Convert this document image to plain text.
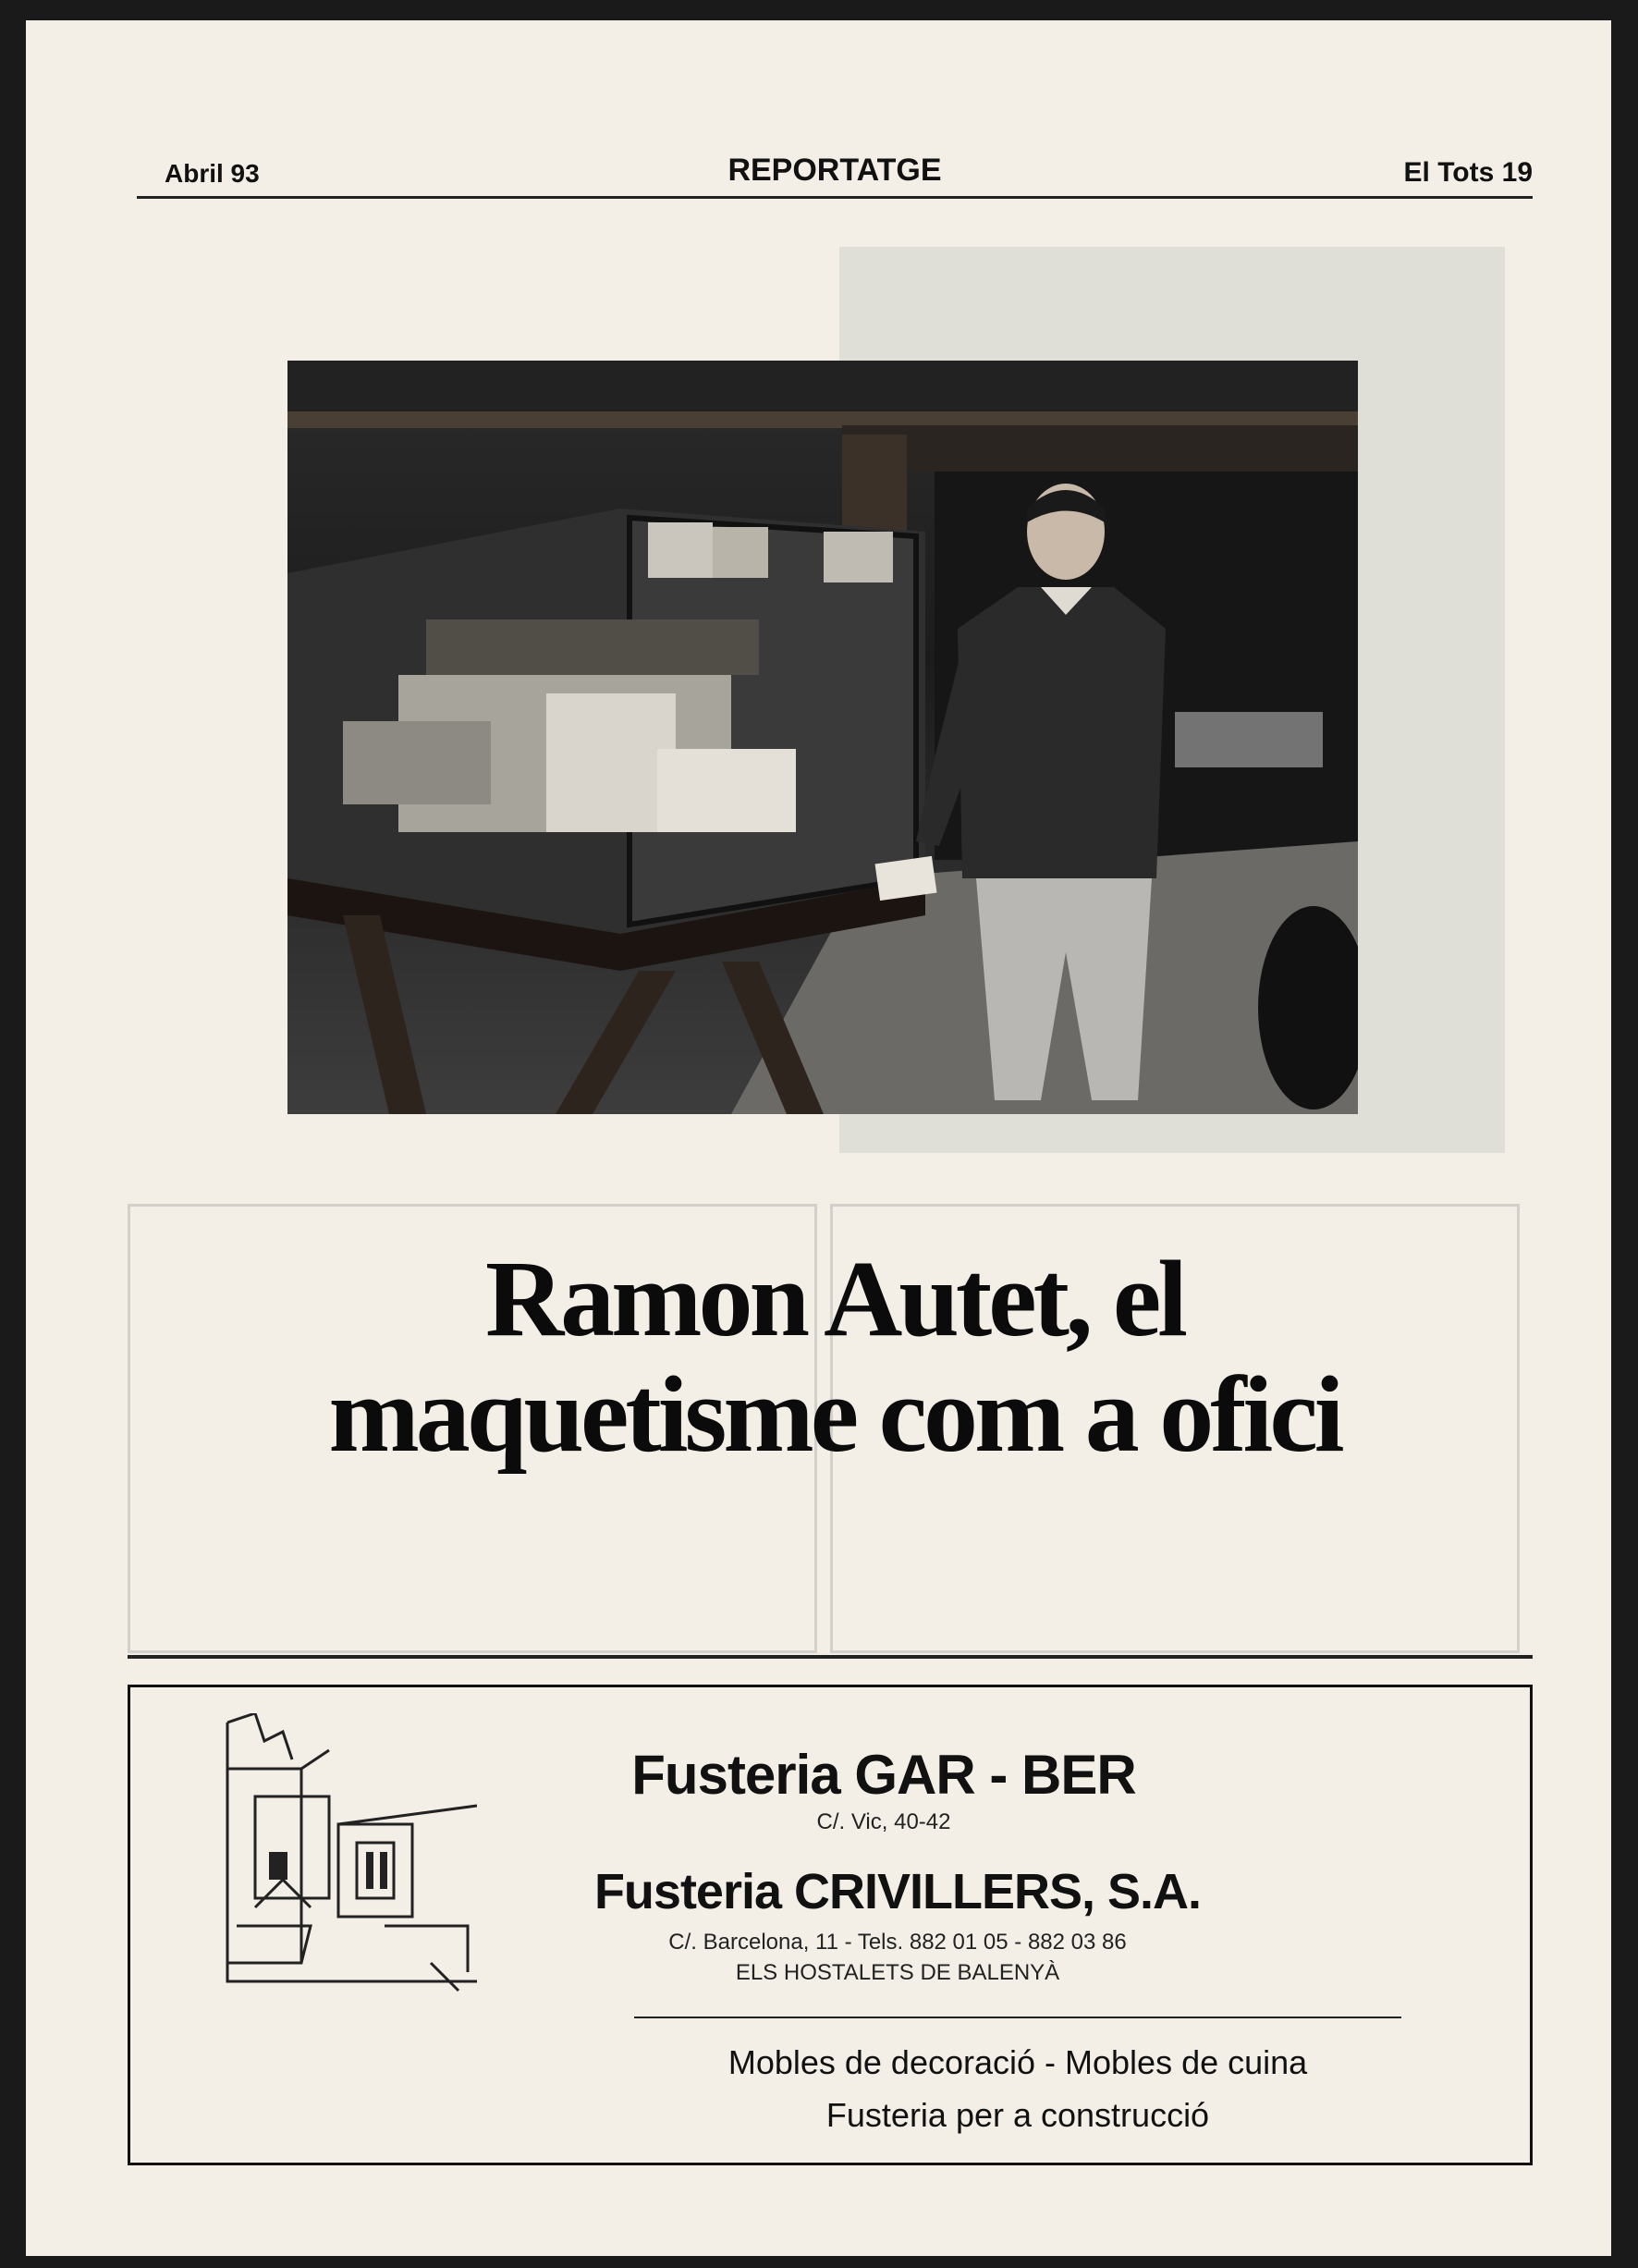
Abril 93	REPORTATGE	El Tots 19
Ramon Autet, el
maquetisme com a ofici
Fusteria GAR - BER
C/. Vic, 40-42
Fusteria CRIVILLERS, S.A.
C/. Barcelona, 11 - Tels. 882 01 05 - 882 03 86
ELS HOSTALETS DE BALENYÀ
Mobles de decoració - Mobles de cuina
Fusteria per a construcció
